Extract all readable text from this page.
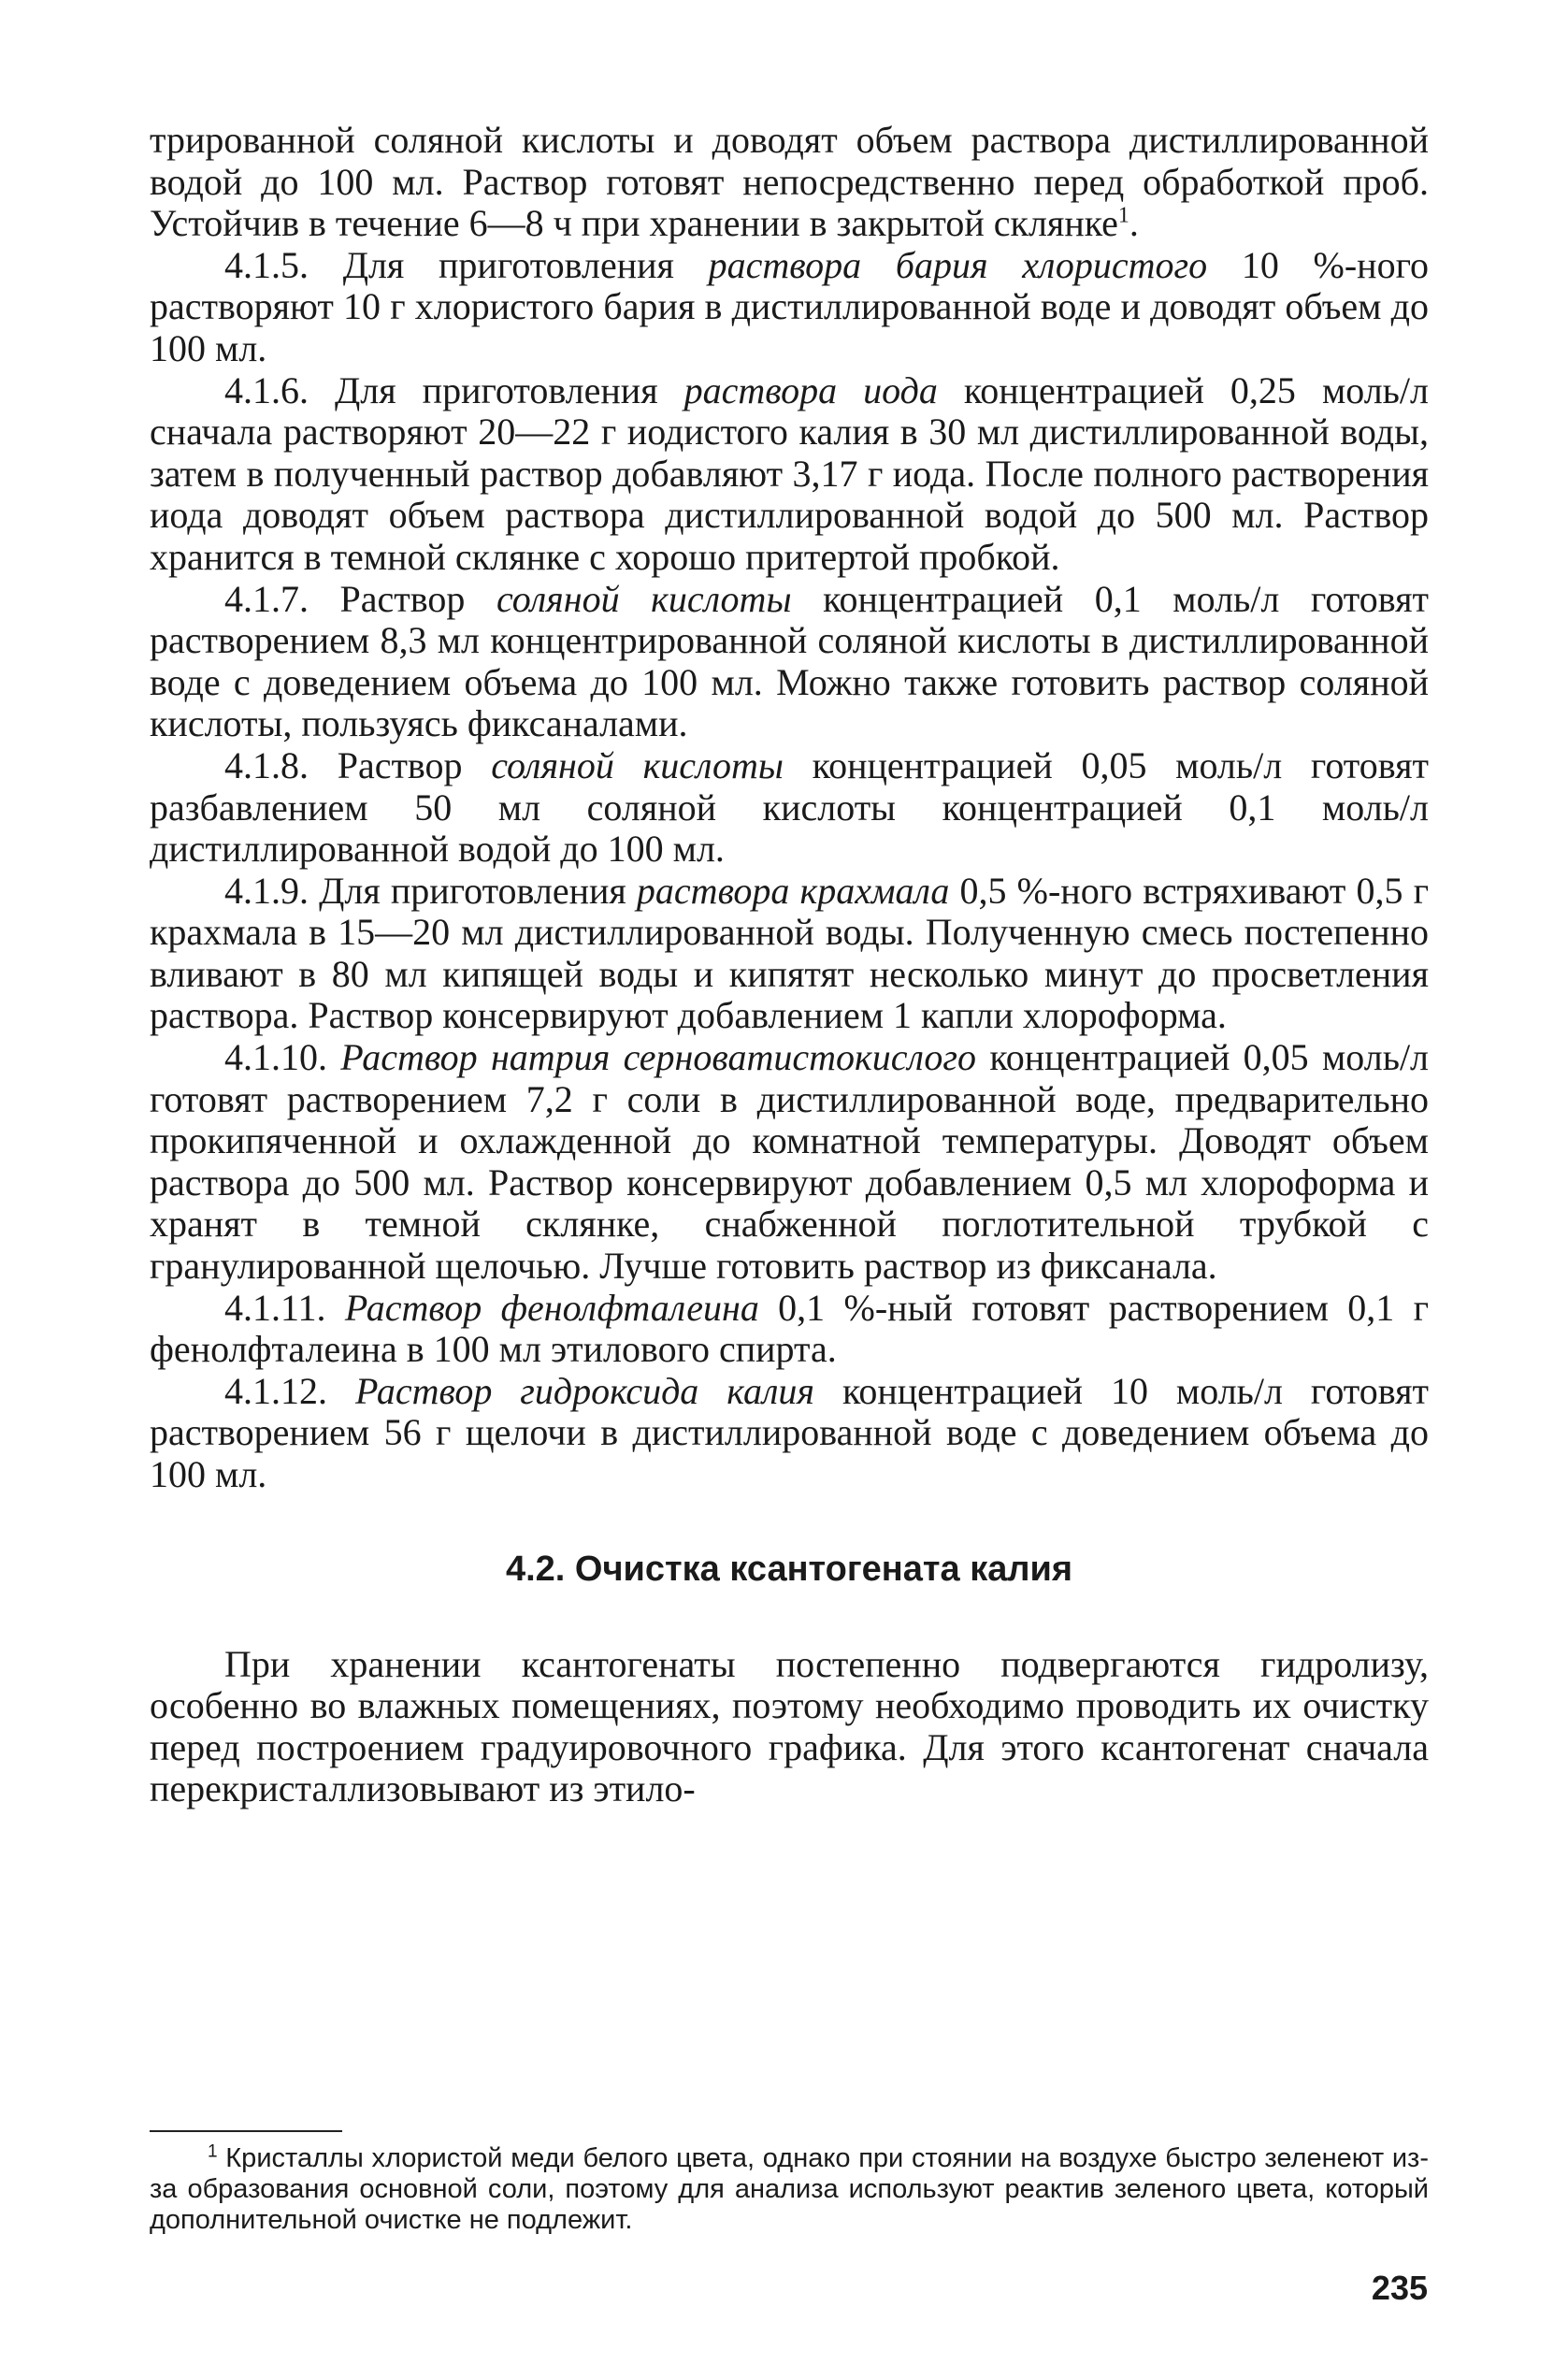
трированной соляной кислоты и доводят объем раствора дистиллированной водой до 100 мл. Раствор готовят непосредственно перед обработкой проб. Устойчив в течение 6—8 ч при хранении в закрытой склянке$^1$.

4.1.5. Для приготовления раствора бария хлористого 10 %-ного растворяют 10 г хлористого бария в дистиллированной воде и доводят объем до 100 мл.

4.1.6. Для приготовления раствора иода концентрацией 0,25 моль/л сначала растворяют 20—22 г иодистого калия в 30 мл дистиллированной воды, затем в полученный раствор добавляют 3,17 г иода. После полного растворения иода доводят объем раствора дистиллированной водой до 500 мл. Раствор хранится в темной склянке с хорошо притертой пробкой.

4.1.7. Раствор соляной кислоты концентрацией 0,1 моль/л готовят растворением 8,3 мл концентрированной соляной кислоты в дистиллированной воде с доведением объема до 100 мл. Можно также готовить раствор соляной кислоты, пользуясь фиксаналами.

4.1.8. Раствор соляной кислоты концентрацией 0,05 моль/л готовят разбавлением 50 мл соляной кислоты концентрацией 0,1 моль/л дистиллированной водой до 100 мл.

4.1.9. Для приготовления раствора крахмала 0,5 %-ного встряхивают 0,5 г крахмала в 15—20 мл дистиллированной воды. Полученную смесь постепенно вливают в 80 мл кипящей воды и кипятят несколько минут до просветления раствора. Раствор консервируют добавлением 1 капли хлороформа.

4.1.10. Раствор натрия серноватистокислого концентрацией 0,05 моль/л готовят растворением 7,2 г соли в дистиллированной воде, предварительно прокипяченной и охлажденной до комнатной температуры. Доводят объем раствора до 500 мл. Раствор консервируют добавлением 0,5 мл хлороформа и хранят в темной склянке, снабженной поглотительной трубкой с гранулированной щелочью. Лучше готовить раствор из фиксанала.

4.1.11. Раствор фенолфталеина 0,1 %-ный готовят растворением 0,1 г фенолфталеина в 100 мл этилового спирта.

4.1.12. Раствор гидроксида калия концентрацией 10 моль/л готовят растворением 56 г щелочи в дистиллированной воде с доведением объема до 100 мл.

4.2. Очистка ксантогената калия

При хранении ксантогенаты постепенно подвергаются гидролизу, особенно во влажных помещениях, поэтому необходимо проводить их очистку перед построением градуировочного графика. Для этого ксантогенат сначала перекристаллизовывают из этило-

$^1$ Кристаллы хлористой меди белого цвета, однако при стоянии на воздухе быстро зеленеют из-за образования основной соли, поэтому для анализа используют реактив зеленого цвета, который дополнительной очистке не подлежит.

235
